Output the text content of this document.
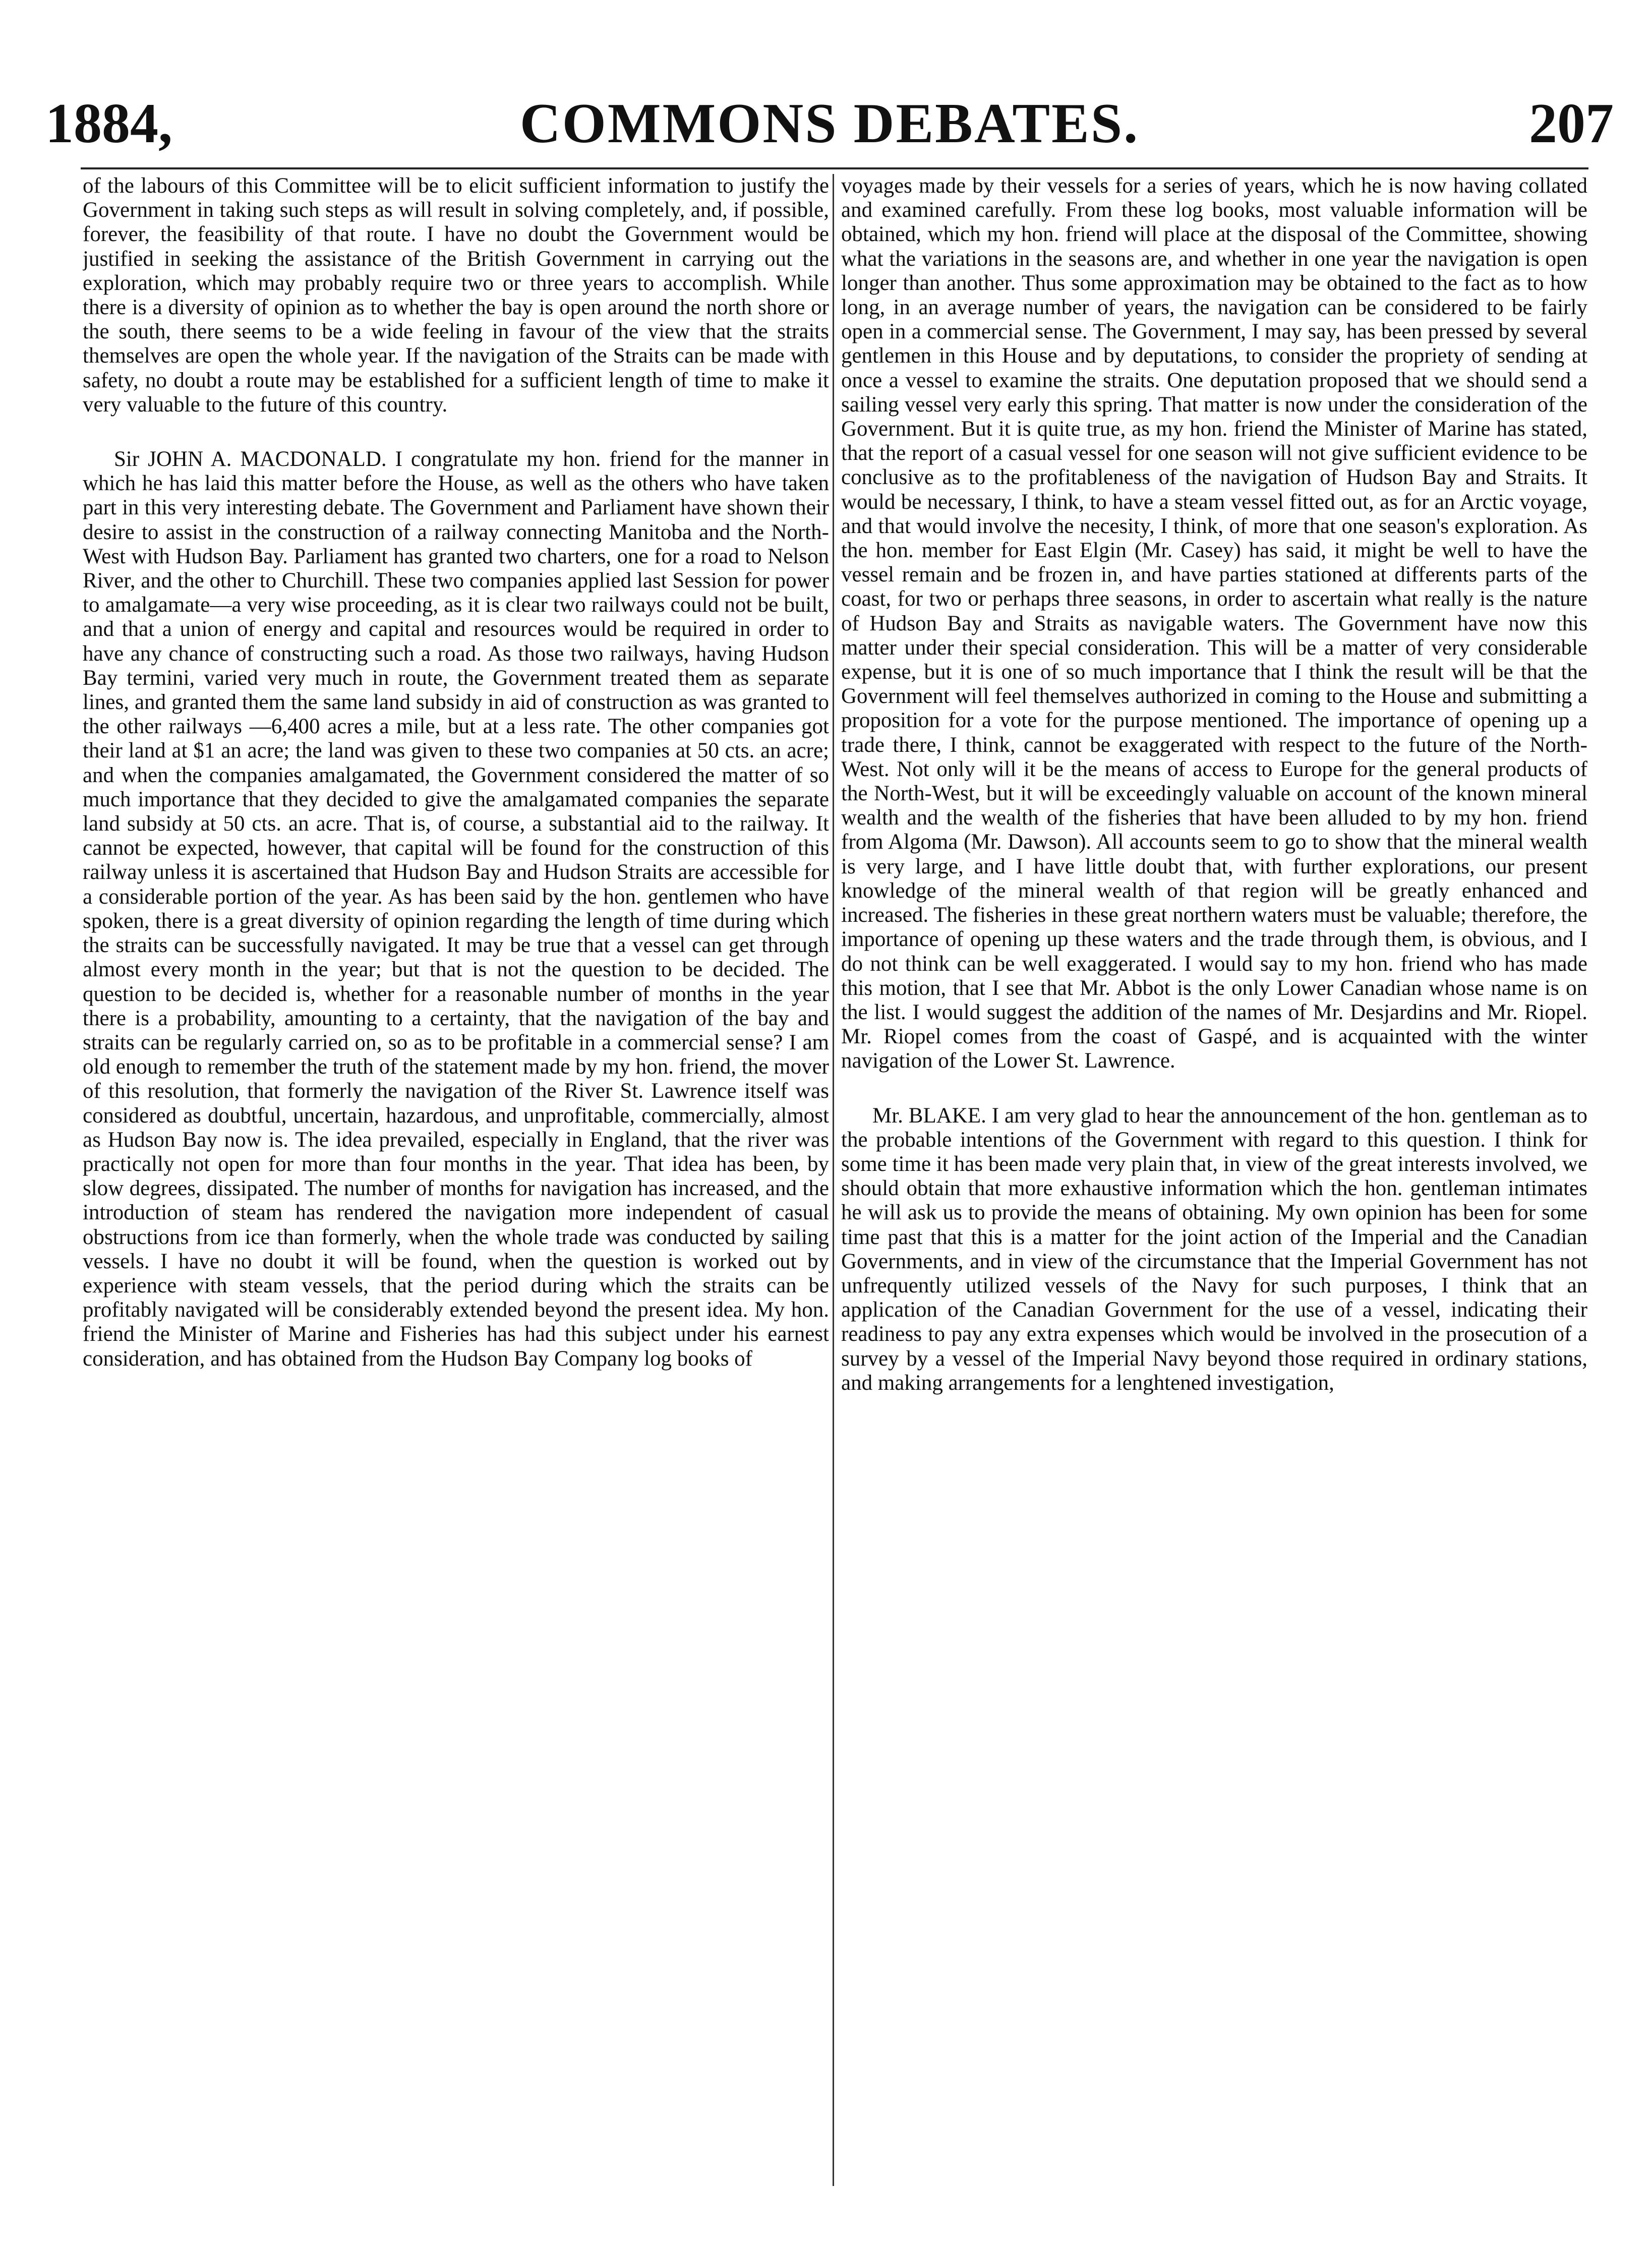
1884,	COMMONS DEBATES.	207

of the labours of this Committee will be to elicit sufficient information to justify the Government in taking such steps as will result in solving completely, and, if possible, forever, the feasibility of that route. I have no doubt the Government would be justified in seeking the assistance of the British Government in carrying out the exploration, which may probably require two or three years to accomplish. While there is a diversity of opinion as to whether the bay is open around the north shore or the south, there seems to be a wide feeling in favour of the view that the straits themselves are open the whole year. If the navigation of the Straits can be made with safety, no doubt a route may be established for a sufficient length of time to make it very valuable to the future of this country.

Sir JOHN A. MACDONALD. I congratulate my hon. friend for the manner in which he has laid this matter before the House, as well as the others who have taken part in this very interesting debate. The Government and Parliament have shown their desire to assist in the construction of a railway connecting Manitoba and the North-West with Hudson Bay. Parliament has granted two charters, one for a road to Nelson River, and the other to Churchill. These two companies applied last Session for power to amalgamate—a very wise proceeding, as it is clear two railways could not be built, and that a union of energy and capital and resources would be required in order to have any chance of constructing such a road. As those two railways, having Hudson Bay termini, varied very much in route, the Government treated them as separate lines, and granted them the same land subsidy in aid of construction as was granted to the other railways —6,400 acres a mile, but at a less rate. The other companies got their land at $1 an acre; the land was given to these two companies at 50 cts. an acre; and when the companies amalgamated, the Government considered the matter of so much importance that they decided to give the amalgamated companies the separate land subsidy at 50 cts. an acre. That is, of course, a substantial aid to the railway. It cannot be expected, however, that capital will be found for the construction of this railway unless it is ascertained that Hudson Bay and Hudson Straits are accessible for a considerable portion of the year. As has been said by the hon. gentlemen who have spoken, there is a great diversity of opinion regarding the length of time during which the straits can be successfully navigated. It may be true that a vessel can get through almost every month in the year; but that is not the question to be decided. The question to be decided is, whether for a reasonable number of months in the year there is a probability, amounting to a certainty, that the navigation of the bay and straits can be regularly carried on, so as to be profitable in a commercial sense? I am old enough to remember the truth of the statement made by my hon. friend, the mover of this resolution, that formerly the navigation of the River St. Lawrence itself was considered as doubtful, uncertain, hazardous, and unprofitable, commercially, almost as Hudson Bay now is. The idea prevailed, especially in England, that the river was practically not open for more than four months in the year. That idea has been, by slow degrees, dissipated. The number of months for navigation has increased, and the introduction of steam has rendered the navigation more independent of casual obstructions from ice than formerly, when the whole trade was conducted by sailing vessels. I have no doubt it will be found, when the question is worked out by experience with steam vessels, that the period during which the straits can be profitably navigated will be considerably extended beyond the present idea. My hon. friend the Minister of Marine and Fisheries has had this subject under his earnest consideration, and has obtained from the Hudson Bay Company log books of

voyages made by their vessels for a series of years, which he is now having collated and examined carefully. From these log books, most valuable information will be obtained, which my hon. friend will place at the disposal of the Committee, showing what the variations in the seasons are, and whether in one year the navigation is open longer than another. Thus some approximation may be obtained to the fact as to how long, in an average number of years, the navigation can be considered to be fairly open in a commercial sense. The Government, I may say, has been pressed by several gentlemen in this House and by deputations, to consider the propriety of sending at once a vessel to examine the straits. One deputation proposed that we should send a sailing vessel very early this spring. That matter is now under the consideration of the Government. But it is quite true, as my hon. friend the Minister of Marine has stated, that the report of a casual vessel for one season will not give sufficient evidence to be conclusive as to the profitableness of the navigation of Hudson Bay and Straits. It would be necessary, I think, to have a steam vessel fitted out, as for an Arctic voyage, and that would involve the necesity, I think, of more that one season's exploration. As the hon. member for East Elgin (Mr. Casey) has said, it might be well to have the vessel remain and be frozen in, and have parties stationed at differents parts of the coast, for two or perhaps three seasons, in order to ascertain what really is the nature of Hudson Bay and Straits as navigable waters. The Government have now this matter under their special consideration. This will be a matter of very considerable expense, but it is one of so much importance that I think the result will be that the Government will feel themselves authorized in coming to the House and submitting a proposition for a vote for the purpose mentioned. The importance of opening up a trade there, I think, cannot be exaggerated with respect to the future of the North-West. Not only will it be the means of access to Europe for the general products of the North-West, but it will be exceedingly valuable on account of the known mineral wealth and the wealth of the fisheries that have been alluded to by my hon. friend from Algoma (Mr. Dawson). All accounts seem to go to show that the mineral wealth is very large, and I have little doubt that, with further explorations, our present knowledge of the mineral wealth of that region will be greatly enhanced and increased. The fisheries in these great northern waters must be valuable; therefore, the importance of opening up these waters and the trade through them, is obvious, and I do not think can be well exaggerated. I would say to my hon. friend who has made this motion, that I see that Mr. Abbot is the only Lower Canadian whose name is on the list. I would suggest the addition of the names of Mr. Desjardins and Mr. Riopel. Mr. Riopel comes from the coast of Gaspé, and is acquainted with the winter navigation of the Lower St. Lawrence.

Mr. BLAKE. I am very glad to hear the announcement of the hon. gentleman as to the probable intentions of the Government with regard to this question. I think for some time it has been made very plain that, in view of the great interests involved, we should obtain that more exhaustive information which the hon. gentleman intimates he will ask us to provide the means of obtaining. My own opinion has been for some time past that this is a matter for the joint action of the Imperial and the Canadian Governments, and in view of the circumstance that the Imperial Government has not unfrequently utilized vessels of the Navy for such purposes, I think that an application of the Canadian Government for the use of a vessel, indicating their readiness to pay any extra expenses which would be involved in the prosecution of a survey by a vessel of the Imperial Navy beyond those required in ordinary stations, and making arrangements for a lenghtened investigation,
